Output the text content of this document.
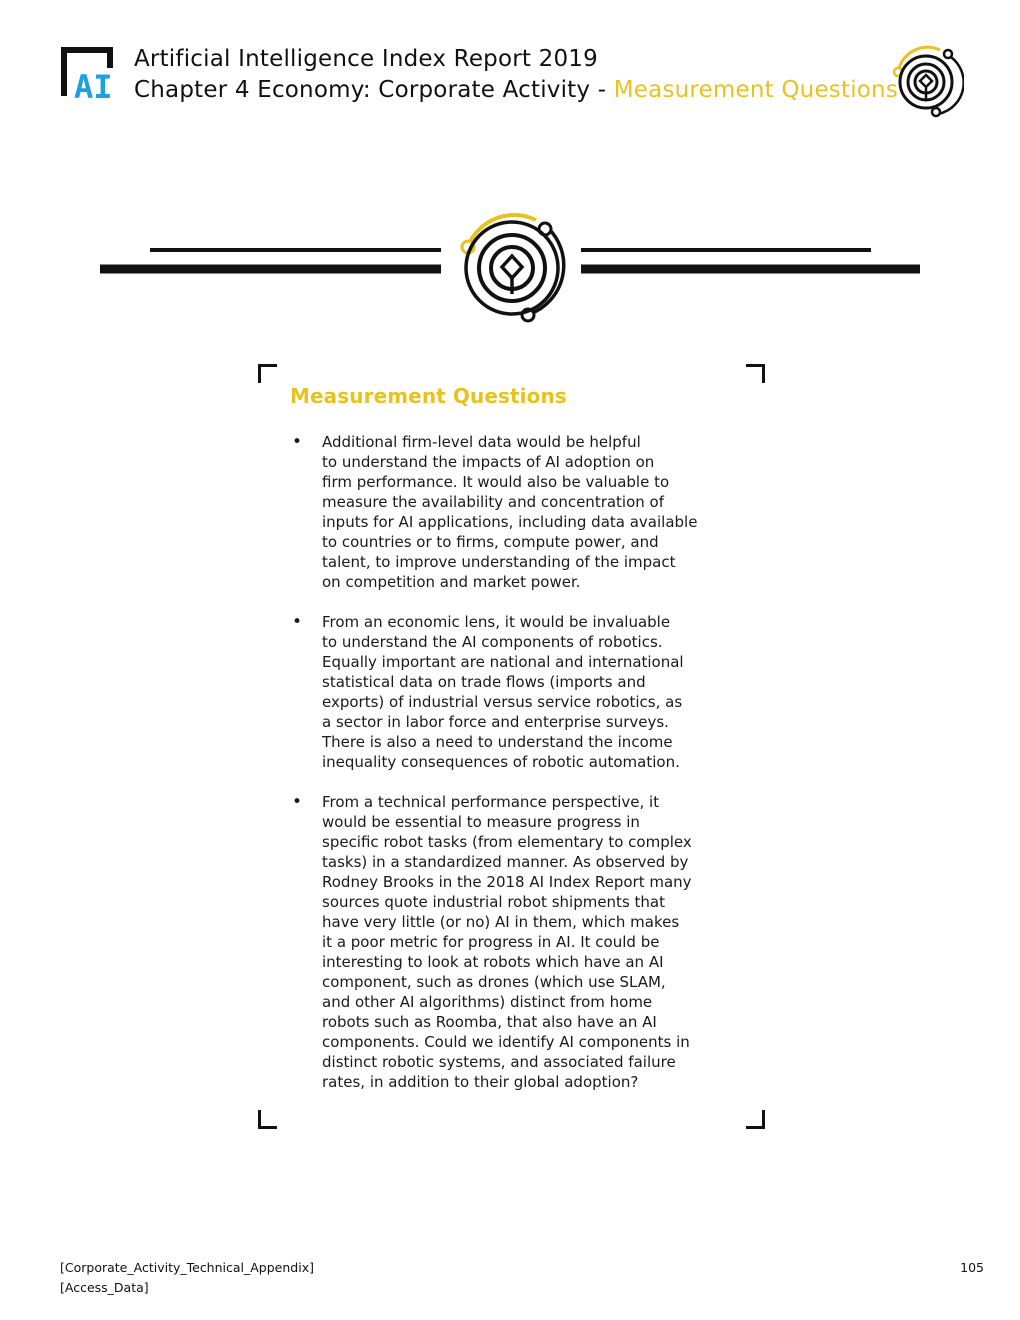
AI
Artificial Intelligence Index Report 2019
Chapter 4 Economy: Corporate Activity - Measurement Questions
Measurement Questions
• Additional firm-level data would be helpful
to understand the impacts of AI adoption on
firm performance. It would also be valuable to
measure the availability and concentration of
inputs for AI applications, including data available
to countries or to firms, compute power, and
talent, to improve understanding of the impact
on competition and market power.
• From an economic lens, it would be invaluable
to understand the AI components of robotics.
Equally important are national and international
statistical data on trade flows (imports and
exports) of industrial versus service robotics, as
a sector in labor force and enterprise surveys.
There is also a need to understand the income
inequality consequences of robotic automation.
• From a technical performance perspective, it
would be essential to measure progress in
specific robot tasks (from elementary to complex
tasks) in a standardized manner. As observed by
Rodney Brooks in the 2018 AI Index Report many
sources quote industrial robot shipments that
have very little (or no) AI in them, which makes
it a poor metric for progress in AI. It could be
interesting to look at robots which have an AI
component, such as drones (which use SLAM,
and other AI algorithms) distinct from home
robots such as Roomba, that also have an AI
components. Could we identify AI components in
distinct robotic systems, and associated failure
rates, in addition to their global adoption?
[Corporate_Activity_Technical_Appendix]
[Access_Data]
105
